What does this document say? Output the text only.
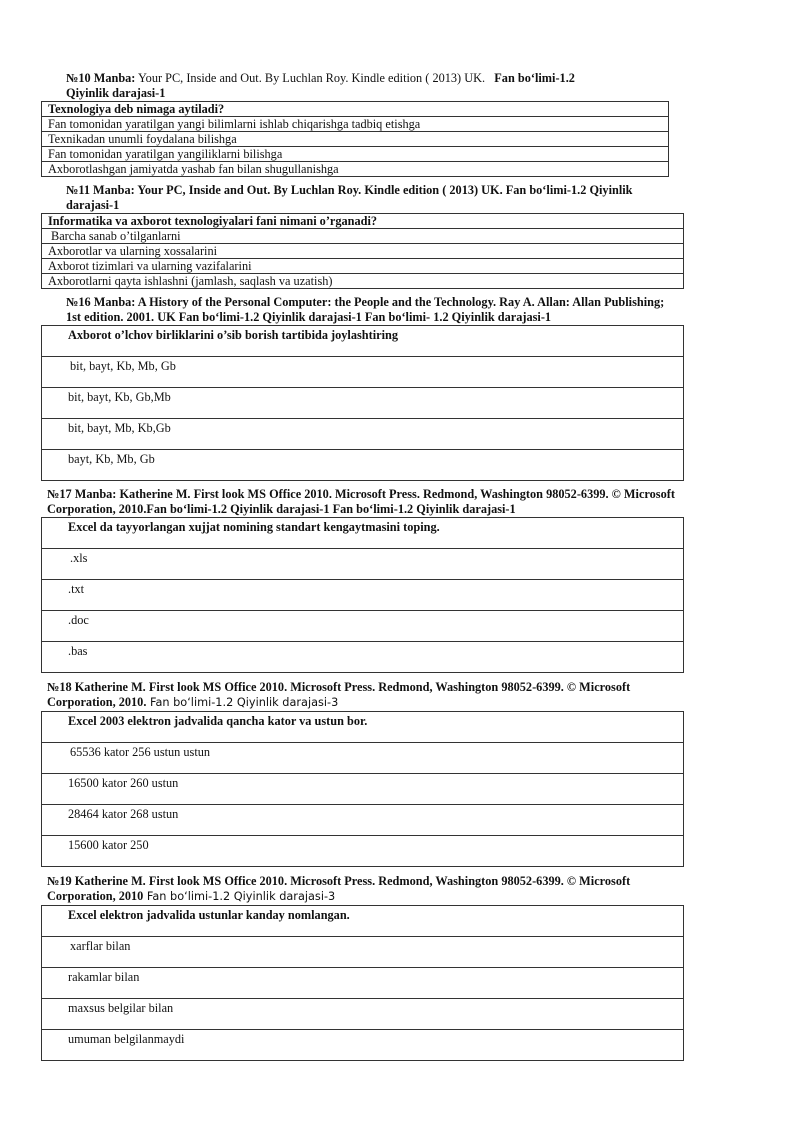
№10 Manba: Your PC, Inside and Out. By Luchlan Roy. Kindle edition ( 2013) UK. Fan bo‘limi-1.2
Qiyinlik darajasi-1
Texnologiya deb nimaga aytiladi?
Fan tomonidan yaratilgan yangi bilimlarni ishlab chiqarishga tadbiq etishga
Texnikadan unumli foydalana bilishga
Fan tomonidan yaratilgan yangiliklarni bilishga
Axborotlashgan jamiyatda yashab fan bilan shugullanishga
№11 Manba: Your PC, Inside and Out. By Luchlan Roy. Kindle edition ( 2013) UK. Fan bo‘limi-1.2 Qiyinlik
darajasi-1
Informatika va axborot texnologiyalari fani nimani o’rganadi?
Barcha sanab o’tilganlarni
Axborotlar va ularning xossalarini
Axborot tizimlari va ularning vazifalarini
Axborotlarni qayta ishlashni (jamlash, saqlash va uzatish)
№16 Manba: A History of the Personal Computer: the People and the Technology. Ray A. Allan: Allan Publishing;
1st edition. 2001. UK Fan bo‘limi-1.2 Qiyinlik darajasi-1 Fan bo‘limi- 1.2 Qiyinlik darajasi-1
Axborot o’lchov birliklarini o’sib borish tartibida joylashtiring
bit, bayt, Kb, Mb, Gb
bit, bayt, Kb, Gb,Mb
bit, bayt, Mb, Kb,Gb
bayt, Kb, Mb, Gb
№17 Manba: Katherine M. First look MS Office 2010. Microsoft Press. Redmond, Washington 98052-6399. © Microsoft
Corporation, 2010.Fan bo‘limi-1.2 Qiyinlik darajasi-1 Fan bo‘limi-1.2 Qiyinlik darajasi-1
Excel da tayyorlangan xujjat nomining standart kengaytmasini toping.
.xls
.txt
.doc
.bas
№18 Katherine M. First look MS Office 2010. Microsoft Press. Redmond, Washington 98052-6399. © Microsoft
Corporation, 2010. Fan bo‘limi-1.2 Qiyinlik darajasi-3
Excel 2003 elektron jadvalida qancha kator va ustun bor.
65536 kator 256 ustun ustun
16500 kator 260 ustun
28464 kator 268 ustun
15600 kator 250
№19 Katherine M. First look MS Office 2010. Microsoft Press. Redmond, Washington 98052-6399. © Microsoft
Corporation, 2010 Fan bo‘limi-1.2 Qiyinlik darajasi-3
Excel elektron jadvalida ustunlar kanday nomlangan.
xarflar bilan
rakamlar bilan
maxsus belgilar bilan
umuman belgilanmaydi
